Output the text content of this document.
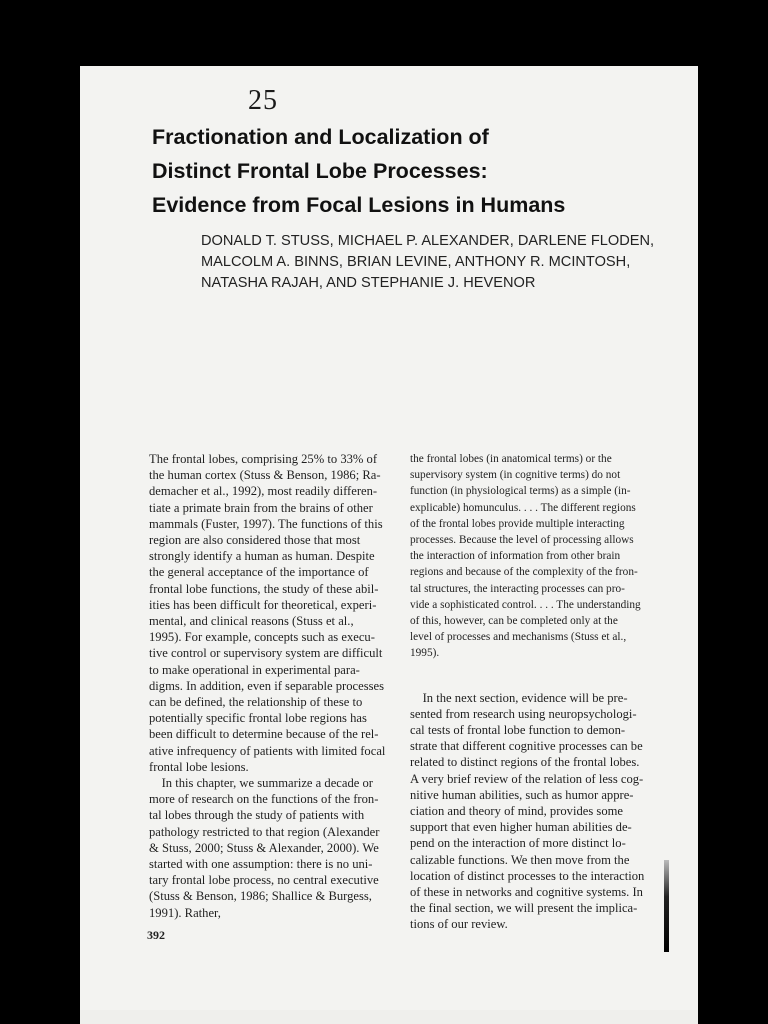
25
Fractionation and Localization of
Distinct Frontal Lobe Processes:
Evidence from Focal Lesions in Humans
DONALD T. STUSS, MICHAEL P. ALEXANDER, DARLENE FLODEN,
MALCOLM A. BINNS, BRIAN LEVINE, ANTHONY R. MCINTOSH,
NATASHA RAJAH, AND STEPHANIE J. HEVENOR
The frontal lobes, comprising 25% to 33% of
the human cortex (Stuss & Benson, 1986; Ra-
demacher et al., 1992), most readily differen-
tiate a primate brain from the brains of other
mammals (Fuster, 1997). The functions of this
region are also considered those that most
strongly identify a human as human. Despite
the general acceptance of the importance of
frontal lobe functions, the study of these abil-
ities has been difficult for theoretical, experi-
mental, and clinical reasons (Stuss et al.,
1995). For example, concepts such as execu-
tive control or supervisory system are difficult
to make operational in experimental para-
digms. In addition, even if separable processes
can be defined, the relationship of these to
potentially specific frontal lobe regions has
been difficult to determine because of the rel-
ative infrequency of patients with limited focal
frontal lobe lesions.
 In this chapter, we summarize a decade or
more of research on the functions of the fron-
tal lobes through the study of patients with
pathology restricted to that region (Alexander
& Stuss, 2000; Stuss & Alexander, 2000). We
started with one assumption: there is no uni-
tary frontal lobe process, no central executive
(Stuss & Benson, 1986; Shallice & Burgess,
1991). Rather,
the frontal lobes (in anatomical terms) or the
supervisory system (in cognitive terms) do not
function (in physiological terms) as a simple (in-
explicable) homunculus. . . . The different regions
of the frontal lobes provide multiple interacting
processes. Because the level of processing allows
the interaction of information from other brain
regions and because of the complexity of the fron-
tal structures, the interacting processes can pro-
vide a sophisticated control. . . . The understanding
of this, however, can be completed only at the
level of processes and mechanisms (Stuss et al.,
1995).
 In the next section, evidence will be pre-
sented from research using neuropsychologi-
cal tests of frontal lobe function to demon-
strate that different cognitive processes can be
related to distinct regions of the frontal lobes.
A very brief review of the relation of less cog-
nitive human abilities, such as humor appre-
ciation and theory of mind, provides some
support that even higher human abilities de-
pend on the interaction of more distinct lo-
calizable functions. We then move from the
location of distinct processes to the interaction
of these in networks and cognitive systems. In
the final section, we will present the implica-
tions of our review.
392
